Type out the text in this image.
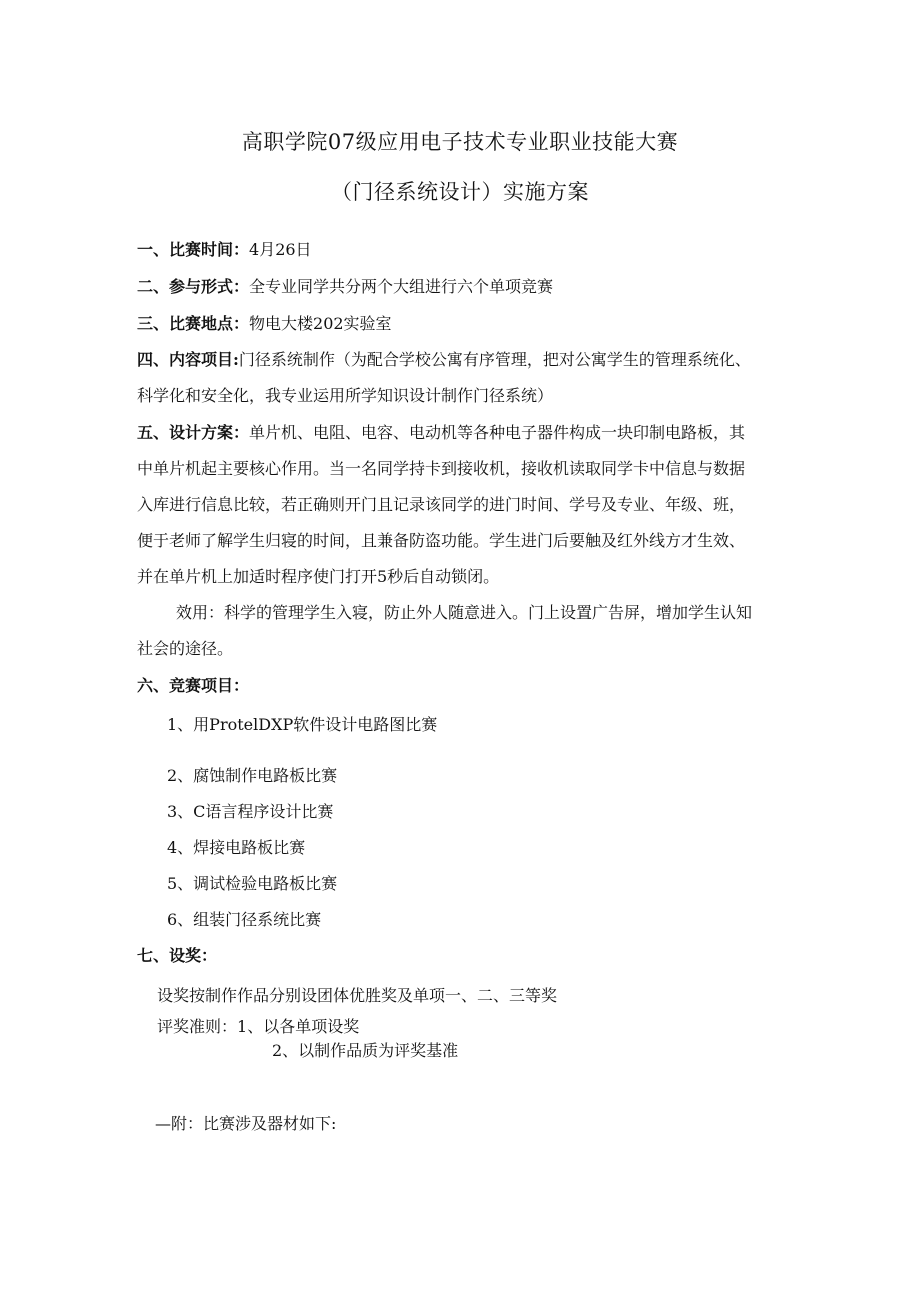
高职学院07级应用电子技术专业职业技能大赛
（门径系统设计）实施方案
一、比赛时间：4月26日
二、参与形式：全专业同学共分两个大组进行六个单项竞赛
三、比赛地点：物电大楼202实验室
四、内容项目:门径系统制作（为配合学校公寓有序管理，把对公寓学生的管理系统化、
科学化和安全化，我专业运用所学知识设计制作门径系统）
五、设计方案：单片机、电阻、电容、电动机等各种电子器件构成一块印制电路板，其
中单片机起主要核心作用。当一名同学持卡到接收机，接收机读取同学卡中信息与数据
入库进行信息比较，若正确则开门且记录该同学的进门时间、学号及专业、年级、班，
便于老师了解学生归寝的时间，且兼备防盗功能。学生进门后要触及红外线方才生效、
并在单片机上加适时程序使门打开5秒后自动锁闭。
效用：科学的管理学生入寝，防止外人随意进入。门上设置广告屏，增加学生认知
社会的途径。
六、竞赛项目：
1、用ProtelDXP软件设计电路图比赛
2、腐蚀制作电路板比赛
3、C语言程序设计比赛
4、焊接电路板比赛
5、调试检验电路板比赛
6、组装门径系统比赛
七、设奖：
设奖按制作作品分别设团体优胜奖及单项一、二、三等奖
评奖准则：1、以各单项设奖
2、以制作品质为评奖基准
—附：比赛涉及器材如下:
